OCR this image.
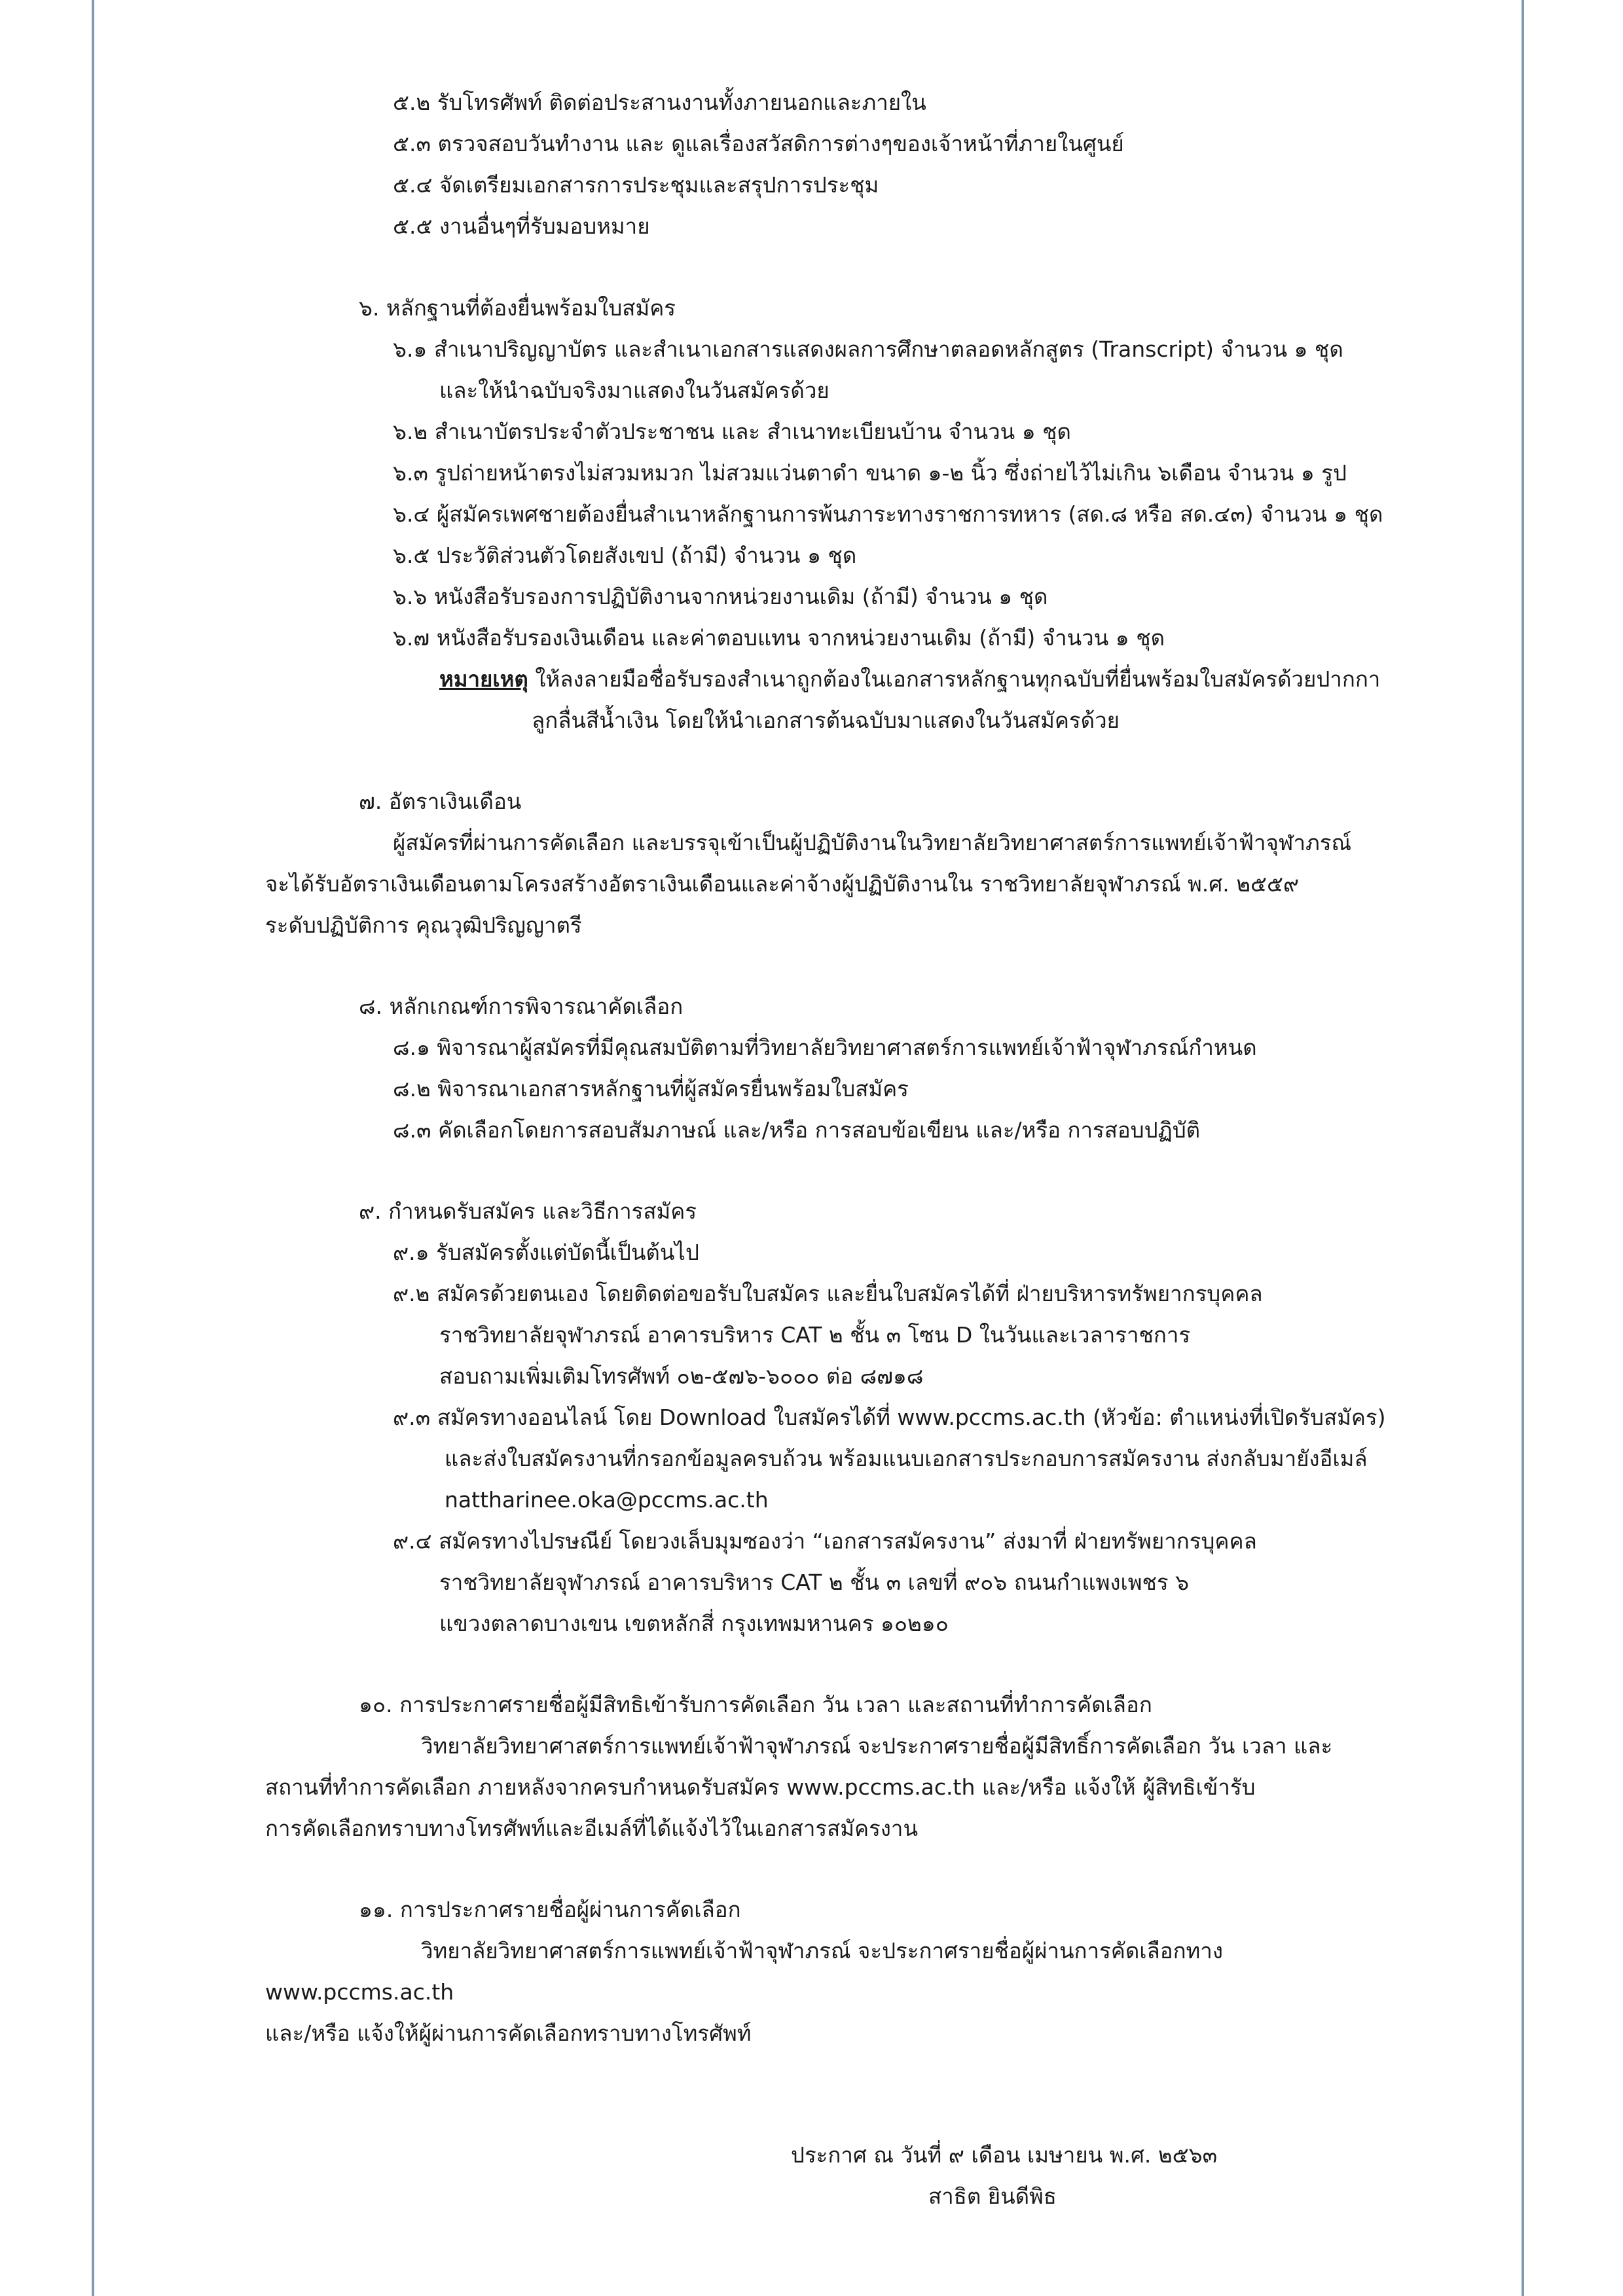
๕.๒ รับโทรศัพท์ ติดต่อประสานงานทั้งภายนอกและภายใน
๕.๓ ตรวจสอบวันทำงาน และ ดูแลเรื่องสวัสดิการต่างๆของเจ้าหน้าที่ภายในศูนย์
๕.๔ จัดเตรียมเอกสารการประชุมและสรุปการประชุม
๕.๕ งานอื่นๆที่รับมอบหมาย
๖. หลักฐานที่ต้องยื่นพร้อมใบสมัคร
๖.๑ สำเนาปริญญาบัตร และสำเนาเอกสารแสดงผลการศึกษาตลอดหลักสูตร (Transcript) จำนวน ๑ ชุด
และให้นำฉบับจริงมาแสดงในวันสมัครด้วย
๖.๒ สำเนาบัตรประจำตัวประชาชน และ สำเนาทะเบียนบ้าน จำนวน ๑ ชุด
๖.๓ รูปถ่ายหน้าตรงไม่สวมหมวก ไม่สวมแว่นตาดำ ขนาด ๑-๒ นิ้ว ซึ่งถ่ายไว้ไม่เกิน ๖เดือน จำนวน ๑ รูป
๖.๔ ผู้สมัครเพศชายต้องยื่นสำเนาหลักฐานการพ้นภาระทางราชการทหาร (สด.๘ หรือ สด.๔๓) จำนวน ๑ ชุด
๖.๕ ประวัติส่วนตัวโดยสังเขป (ถ้ามี) จำนวน ๑ ชุด
๖.๖ หนังสือรับรองการปฏิบัติงานจากหน่วยงานเดิม (ถ้ามี) จำนวน ๑ ชุด
๖.๗ หนังสือรับรองเงินเดือน และค่าตอบแทน จากหน่วยงานเดิม (ถ้ามี) จำนวน ๑ ชุด
หมายเหตุ ให้ลงลายมือชื่อรับรองสำเนาถูกต้องในเอกสารหลักฐานทุกฉบับที่ยื่นพร้อมใบสมัครด้วยปากกา
ลูกลื่นสีน้ำเงิน โดยให้นำเอกสารต้นฉบับมาแสดงในวันสมัครด้วย
๗. อัตราเงินเดือน
ผู้สมัครที่ผ่านการคัดเลือก และบรรจุเข้าเป็นผู้ปฏิบัติงานในวิทยาลัยวิทยาศาสตร์การแพทย์เจ้าฟ้าจุฬาภรณ์
จะได้รับอัตราเงินเดือนตามโครงสร้างอัตราเงินเดือนและค่าจ้างผู้ปฏิบัติงานใน ราชวิทยาลัยจุฬาภรณ์ พ.ศ. ๒๕๕๙
ระดับปฏิบัติการ คุณวุฒิปริญญาตรี
๘. หลักเกณฑ์การพิจารณาคัดเลือก
๘.๑ พิจารณาผู้สมัครที่มีคุณสมบัติตามที่วิทยาลัยวิทยาศาสตร์การแพทย์เจ้าฟ้าจุฬาภรณ์กำหนด
๘.๒ พิจารณาเอกสารหลักฐานที่ผู้สมัครยื่นพร้อมใบสมัคร
๘.๓ คัดเลือกโดยการสอบสัมภาษณ์ และ/หรือ การสอบข้อเขียน และ/หรือ การสอบปฏิบัติ
๙. กำหนดรับสมัคร และวิธีการสมัคร
๙.๑ รับสมัครตั้งแต่บัดนี้เป็นต้นไป
๙.๒ สมัครด้วยตนเอง โดยติดต่อขอรับใบสมัคร และยื่นใบสมัครได้ที่ ฝ่ายบริหารทรัพยากรบุคคล
ราชวิทยาลัยจุฬาภรณ์ อาคารบริหาร CAT ๒ ชั้น ๓ โซน D ในวันและเวลาราชการ
สอบถามเพิ่มเติมโทรศัพท์ ๐๒-๕๗๖-๖๐๐๐ ต่อ ๘๗๑๘
๙.๓ สมัครทางออนไลน์ โดย Download ใบสมัครได้ที่ www.pccms.ac.th (หัวข้อ: ตำแหน่งที่เปิดรับสมัคร)
และส่งใบสมัครงานที่กรอกข้อมูลครบถ้วน พร้อมแนบเอกสารประกอบการสมัครงาน ส่งกลับมายังอีเมล์
nattharinee.oka@pccms.ac.th
๙.๔ สมัครทางไปรษณีย์ โดยวงเล็บมุมซองว่า “เอกสารสมัครงาน” ส่งมาที่ ฝ่ายทรัพยากรบุคคล
ราชวิทยาลัยจุฬาภรณ์ อาคารบริหาร CAT ๒ ชั้น ๓ เลขที่ ๙๐๖ ถนนกำแพงเพชร ๖
แขวงตลาดบางเขน เขตหลักสี่ กรุงเทพมหานคร ๑๐๒๑๐
๑๐. การประกาศรายชื่อผู้มีสิทธิเข้ารับการคัดเลือก วัน เวลา และสถานที่ทำการคัดเลือก
วิทยาลัยวิทยาศาสตร์การแพทย์เจ้าฟ้าจุฬาภรณ์ จะประกาศรายชื่อผู้มีสิทธิ์การคัดเลือก วัน เวลา และ
สถานที่ทำการคัดเลือก ภายหลังจากครบกำหนดรับสมัคร www.pccms.ac.th และ/หรือ แจ้งให้ ผู้สิทธิเข้ารับ
การคัดเลือกทราบทางโทรศัพท์และอีเมล์ที่ได้แจ้งไว้ในเอกสารสมัครงาน
๑๑. การประกาศรายชื่อผู้ผ่านการคัดเลือก
วิทยาลัยวิทยาศาสตร์การแพทย์เจ้าฟ้าจุฬาภรณ์ จะประกาศรายชื่อผู้ผ่านการคัดเลือกทาง
www.pccms.ac.th
และ/หรือ แจ้งให้ผู้ผ่านการคัดเลือกทราบทางโทรศัพท์
ประกาศ ณ วันที่ ๙ เดือน เมษายน พ.ศ. ๒๕๖๓
สาธิต ยินดีพิธ
